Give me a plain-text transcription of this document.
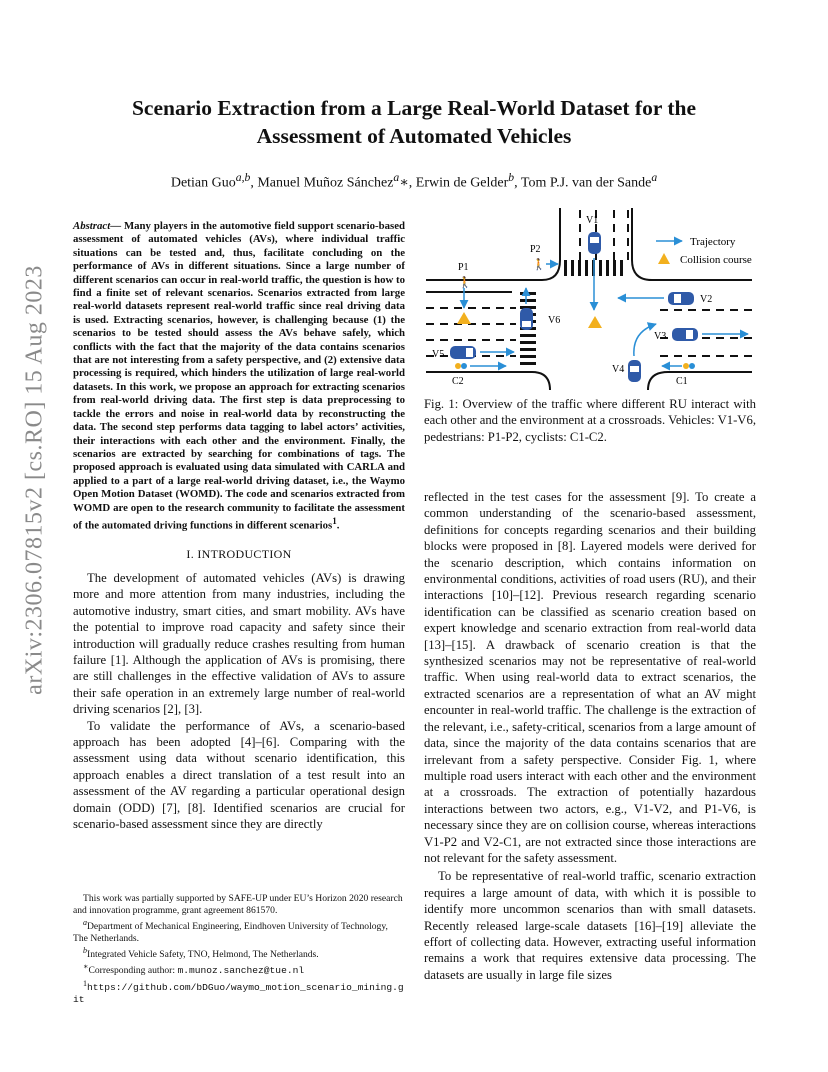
arXiv:2306.07815v2 [cs.RO] 15 Aug 2023
Scenario Extraction from a Large Real-World Dataset for the
Assessment of Automated Vehicles
Detian Guo$^{a,b}$, Manuel Muñoz Sánchez$^a$∗, Erwin de Gelder$^b$, Tom P.J. van der Sande$^a$

Abstract— Many players in the automotive field support scenario-based assessment of automated vehicles (AVs), where individual traffic situations can be tested and, thus, facilitate concluding on the performance of AVs in different situations. Since a large number of different scenarios can occur in real-world traffic, the question is how to find a finite set of relevant scenarios. Scenarios extracted from large real-world datasets represent real-world traffic since real driving data is used. Extracting scenarios, however, is challenging because (1) the scenarios to be tested should assess the AVs behave safely, which conflicts with the fact that the majority of the data contains scenarios that are not interesting from a safety perspective, and (2) extensive data processing is required, which hinders the utilization of large real-world datasets. In this work, we propose an approach for extracting scenarios from real-world driving data. The first step is data preprocessing to tackle the errors and noise in real-world data by reconstructing the data. The second step performs data tagging to label actors’ activities, their interactions with each other and the environment. Finally, the scenarios are extracted by searching for combinations of tags. The proposed approach is evaluated using data simulated with CARLA and applied to a part of a large real-world driving dataset, i.e., the Waymo Open Motion Dataset (WOMD). The code and scenarios extracted from WOMD are open to the research community to facilitate the assessment of the automated driving functions in different scenarios$^1$.

I. INTRODUCTION

The development of automated vehicles (AVs) is drawing more and more attention from many industries, including the automotive industry, smart cities, and smart mobility. AVs have the potential to improve road capacity and safety since their introduction will gradually reduce crashes resulting from human failure [1]. Although the application of AVs is promising, there are still challenges in the effective validation of AVs to assure their safe operation in an extremely large number of real-world driving scenarios [2], [3].

To validate the performance of AVs, a scenario-based approach has been adopted [4]–[6]. Comparing with the assessment using data without scenario identification, this approach enables a direct translation of a test result into an assessment of the AV regarding a particular operational design domain (ODD) [7], [8]. Identified scenarios are crucial for scenario-based assessment since they are directly

This work was partially supported by SAFE-UP under EU’s Horizon 2020 research and innovation programme, grant agreement 861570.
$^a$Department of Mechanical Engineering, Eindhoven University of Technology, The Netherlands.
$^b$Integrated Vehicle Safety, TNO, Helmond, The Netherlands.
∗Corresponding author: m.munoz.sanchez@tue.nl
$^1$https://github.com/bDGuo/waymo_motion_scenario_mining.git
Trajectory
Collision course
V1
V2
V3
V4
V5
V6
P1
🚶
P2
🚶
C1
C2
Fig. 1: Overview of the traffic where different RU interact with each other and the environment at a crossroads. Vehicles: V1-V6, pedestrians: P1-P2, cyclists: C1-C2.

reflected in the test cases for the assessment [9]. To create a common understanding of the scenario-based assessment, definitions for concepts regarding scenarios and their building blocks were proposed in [8]. Layered models were derived for the scenario description, which contains information on environmental conditions, activities of road users (RU), and their interactions [10]–[12]. Previous research regarding scenario identification can be classified as scenario creation based on expert knowledge and scenario extraction from real-world data [13]–[15]. A drawback of scenario creation is that the synthesized scenarios may not be representative of real-world traffic. When using real-world data to extract scenarios, the extracted scenarios are a representation of what an AV might encounter in real-world traffic. The challenge is the extraction of the relevant, i.e., safety-critical, scenarios from a large amount of data, since the majority of the data contains scenarios that are irrelevant from a safety perspective. Consider Fig. 1, where multiple road users interact with each other and the environment at a crossroads. The extraction of potentially hazardous interactions between two actors, e.g., V1-V2, and P1-V6, is necessary since they are on collision course, whereas interactions V1-P2 and V2-C1, are not extracted since those interactions are not relevant for the safety assessment.

To be representative of real-world traffic, scenario extraction requires a large amount of data, with which it is possible to identify more uncommon scenarios than with small datasets. Recently released large-scale datasets [16]–[19] alleviate the effort of collecting data. However, extracting useful information remains a work that requires extensive data processing. The datasets are usually in large file sizes
